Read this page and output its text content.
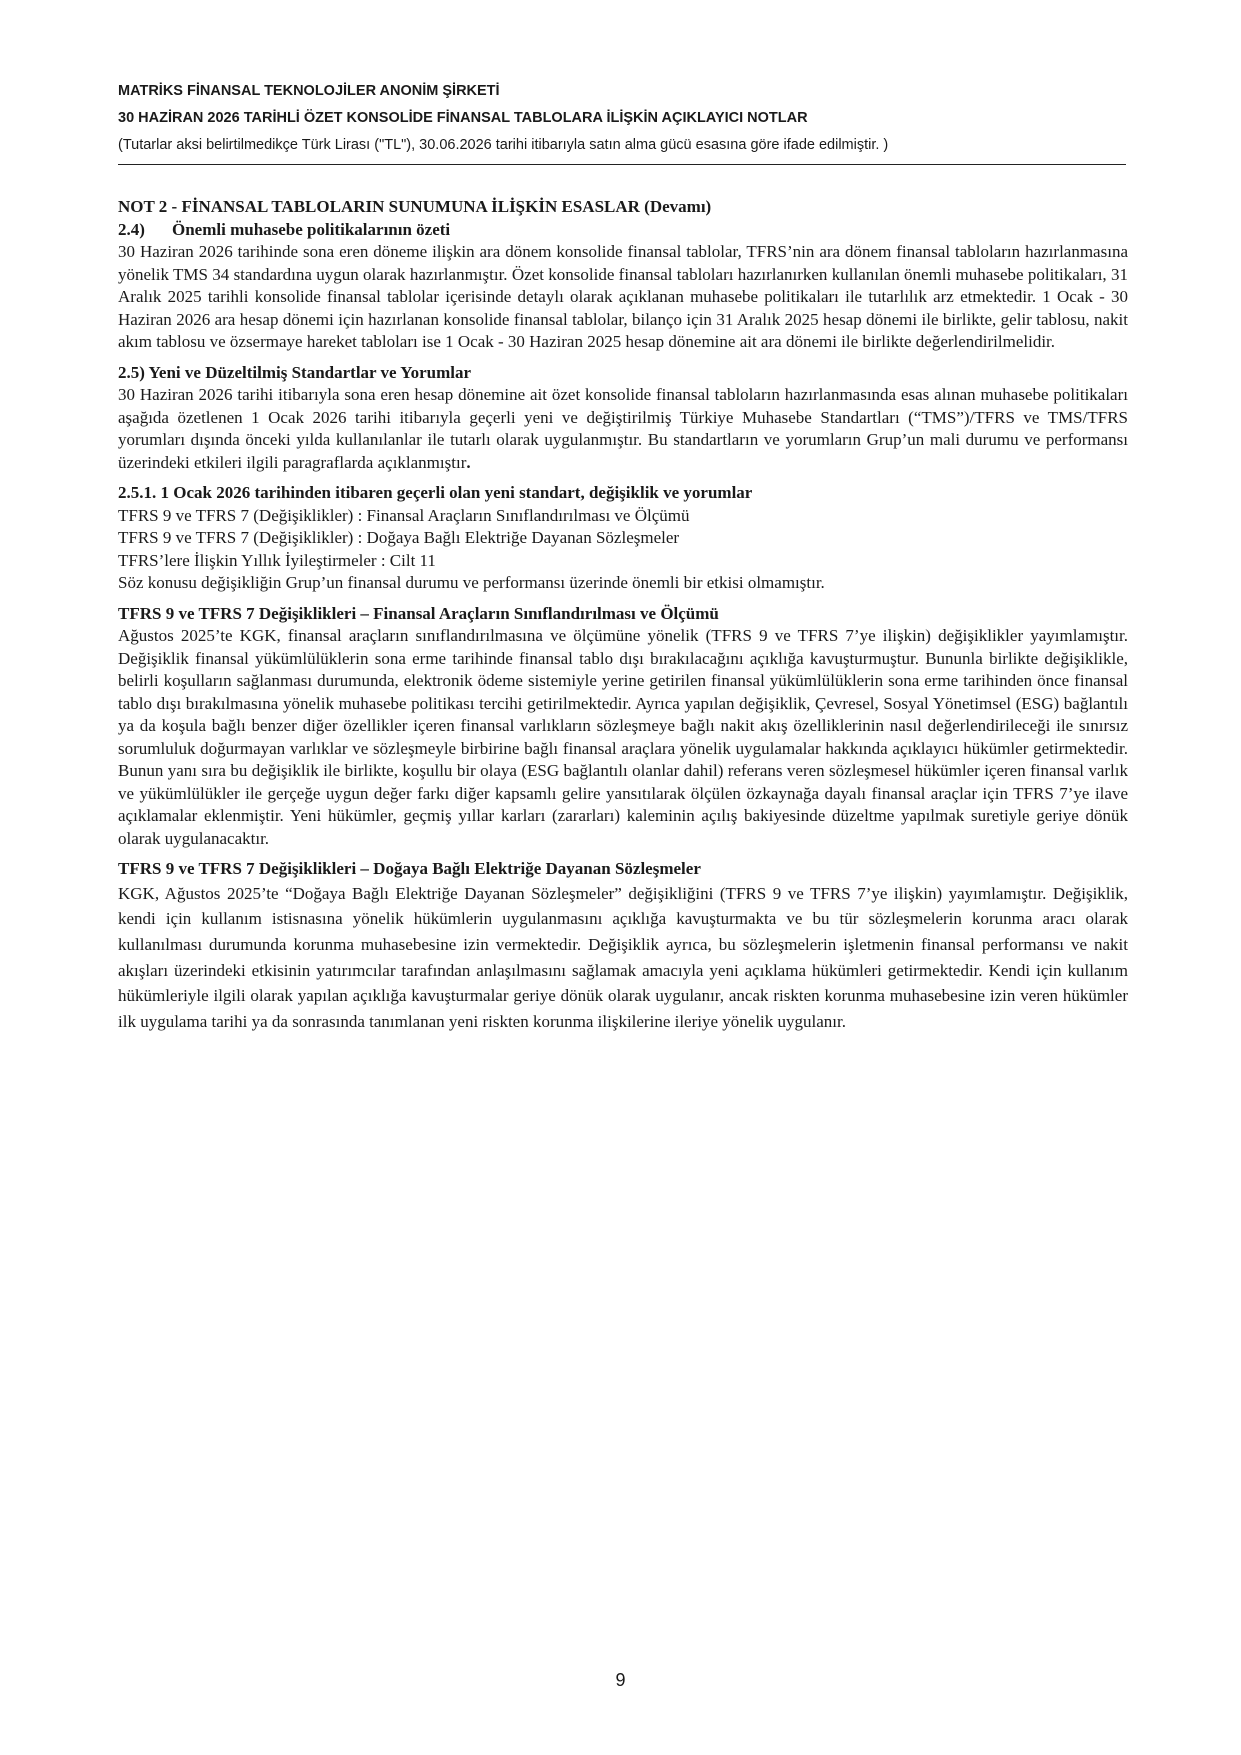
MATRİKS FİNANSAL TEKNOLOJİLER ANONİM ŞİRKETİ
30 HAZİRAN 2026 TARİHLİ ÖZET KONSOLİDE FİNANSAL TABLOLARA İLİŞKİN AÇIKLAYICI NOTLAR
(Tutarlar aksi belirtilmedikçe Türk Lirası ("TL"), 30.06.2026 tarihi itibarıyla satın alma gücü esasına göre ifade edilmiştir. )

NOT 2 - FİNANSAL TABLOLARIN SUNUMUNA İLİŞKİN ESASLAR (Devamı)

2.4) Önemli muhasebe politikalarının özeti

30 Haziran 2026 tarihinde sona eren döneme ilişkin ara dönem konsolide finansal tablolar, TFRS’nin ara dönem finansal tabloların hazırlanmasına yönelik TMS 34 standardına uygun olarak hazırlanmıştır. Özet konsolide finansal tabloları hazırlanırken kullanılan önemli muhasebe politikaları, 31 Aralık 2025 tarihli konsolide finansal tablolar içerisinde detaylı olarak açıklanan muhasebe politikaları ile tutarlılık arz etmektedir. 1 Ocak - 30 Haziran 2026 ara hesap dönemi için hazırlanan konsolide finansal tablolar, bilanço için 31 Aralık 2025 hesap dönemi ile birlikte, gelir tablosu, nakit akım tablosu ve özsermaye hareket tabloları ise 1 Ocak - 30 Haziran 2025 hesap dönemine ait ara dönemi ile birlikte değerlendirilmelidir.

2.5) Yeni ve Düzeltilmiş Standartlar ve Yorumlar

30 Haziran 2026 tarihi itibarıyla sona eren hesap dönemine ait özet konsolide finansal tabloların hazırlanmasında esas alınan muhasebe politikaları aşağıda özetlenen 1 Ocak 2026 tarihi itibarıyla geçerli yeni ve değiştirilmiş Türkiye Muhasebe Standartları (“TMS”)/TFRS ve TMS/TFRS yorumları dışında önceki yılda kullanılanlar ile tutarlı olarak uygulanmıştır. Bu standartların ve yorumların Grup’un mali durumu ve performansı üzerindeki etkileri ilgili paragraflarda açıklanmıştır.

2.5.1. 1 Ocak 2026 tarihinden itibaren geçerli olan yeni standart, değişiklik ve yorumlar

TFRS 9 ve TFRS 7 (Değişiklikler) : Finansal Araçların Sınıflandırılması ve Ölçümü
TFRS 9 ve TFRS 7 (Değişiklikler) : Doğaya Bağlı Elektriğe Dayanan Sözleşmeler
TFRS’lere İlişkin Yıllık İyileştirmeler : Cilt 11
Söz konusu değişikliğin Grup’un finansal durumu ve performansı üzerinde önemli bir etkisi olmamıştır.

TFRS 9 ve TFRS 7 Değişiklikleri – Finansal Araçların Sınıflandırılması ve Ölçümü

Ağustos 2025’te KGK, finansal araçların sınıflandırılmasına ve ölçümüne yönelik (TFRS 9 ve TFRS 7’ye ilişkin) değişiklikler yayımlamıştır. Değişiklik finansal yükümlülüklerin sona erme tarihinde finansal tablo dışı bırakılacağını açıklığa kavuşturmuştur. Bununla birlikte değişiklikle, belirli koşulların sağlanması durumunda, elektronik ödeme sistemiyle yerine getirilen finansal yükümlülüklerin sona erme tarihinden önce finansal tablo dışı bırakılmasına yönelik muhasebe politikası tercihi getirilmektedir. Ayrıca yapılan değişiklik, Çevresel, Sosyal Yönetimsel (ESG) bağlantılı ya da koşula bağlı benzer diğer özellikler içeren finansal varlıkların sözleşmeye bağlı nakit akış özelliklerinin nasıl değerlendirileceği ile sınırsız sorumluluk doğurmayan varlıklar ve sözleşmeyle birbirine bağlı finansal araçlara yönelik uygulamalar hakkında açıklayıcı hükümler getirmektedir. Bunun yanı sıra bu değişiklik ile birlikte, koşullu bir olaya (ESG bağlantılı olanlar dahil) referans veren sözleşmesel hükümler içeren finansal varlık ve yükümlülükler ile gerçeğe uygun değer farkı diğer kapsamlı gelire yansıtılarak ölçülen özkaynağa dayalı finansal araçlar için TFRS 7’ye ilave açıklamalar eklenmiştir. Yeni hükümler, geçmiş yıllar karları (zararları) kaleminin açılış bakiyesinde düzeltme yapılmak suretiyle geriye dönük olarak uygulanacaktır.

TFRS 9 ve TFRS 7 Değişiklikleri – Doğaya Bağlı Elektriğe Dayanan Sözleşmeler

KGK, Ağustos 2025’te “Doğaya Bağlı Elektriğe Dayanan Sözleşmeler” değişikliğini (TFRS 9 ve TFRS 7’ye ilişkin) yayımlamıştır. Değişiklik, kendi için kullanım istisnasına yönelik hükümlerin uygulanmasını açıklığa kavuşturmakta ve bu tür sözleşmelerin korunma aracı olarak kullanılması durumunda korunma muhasebesine izin vermektedir. Değişiklik ayrıca, bu sözleşmelerin işletmenin finansal performansı ve nakit akışları üzerindeki etkisinin yatırımcılar tarafından anlaşılmasını sağlamak amacıyla yeni açıklama hükümleri getirmektedir. Kendi için kullanım hükümleriyle ilgili olarak yapılan açıklığa kavuşturmalar geriye dönük olarak uygulanır, ancak riskten korunma muhasebesine izin veren hükümler ilk uygulama tarihi ya da sonrasında tanımlanan yeni riskten korunma ilişkilerine ileriye yönelik uygulanır.

9
